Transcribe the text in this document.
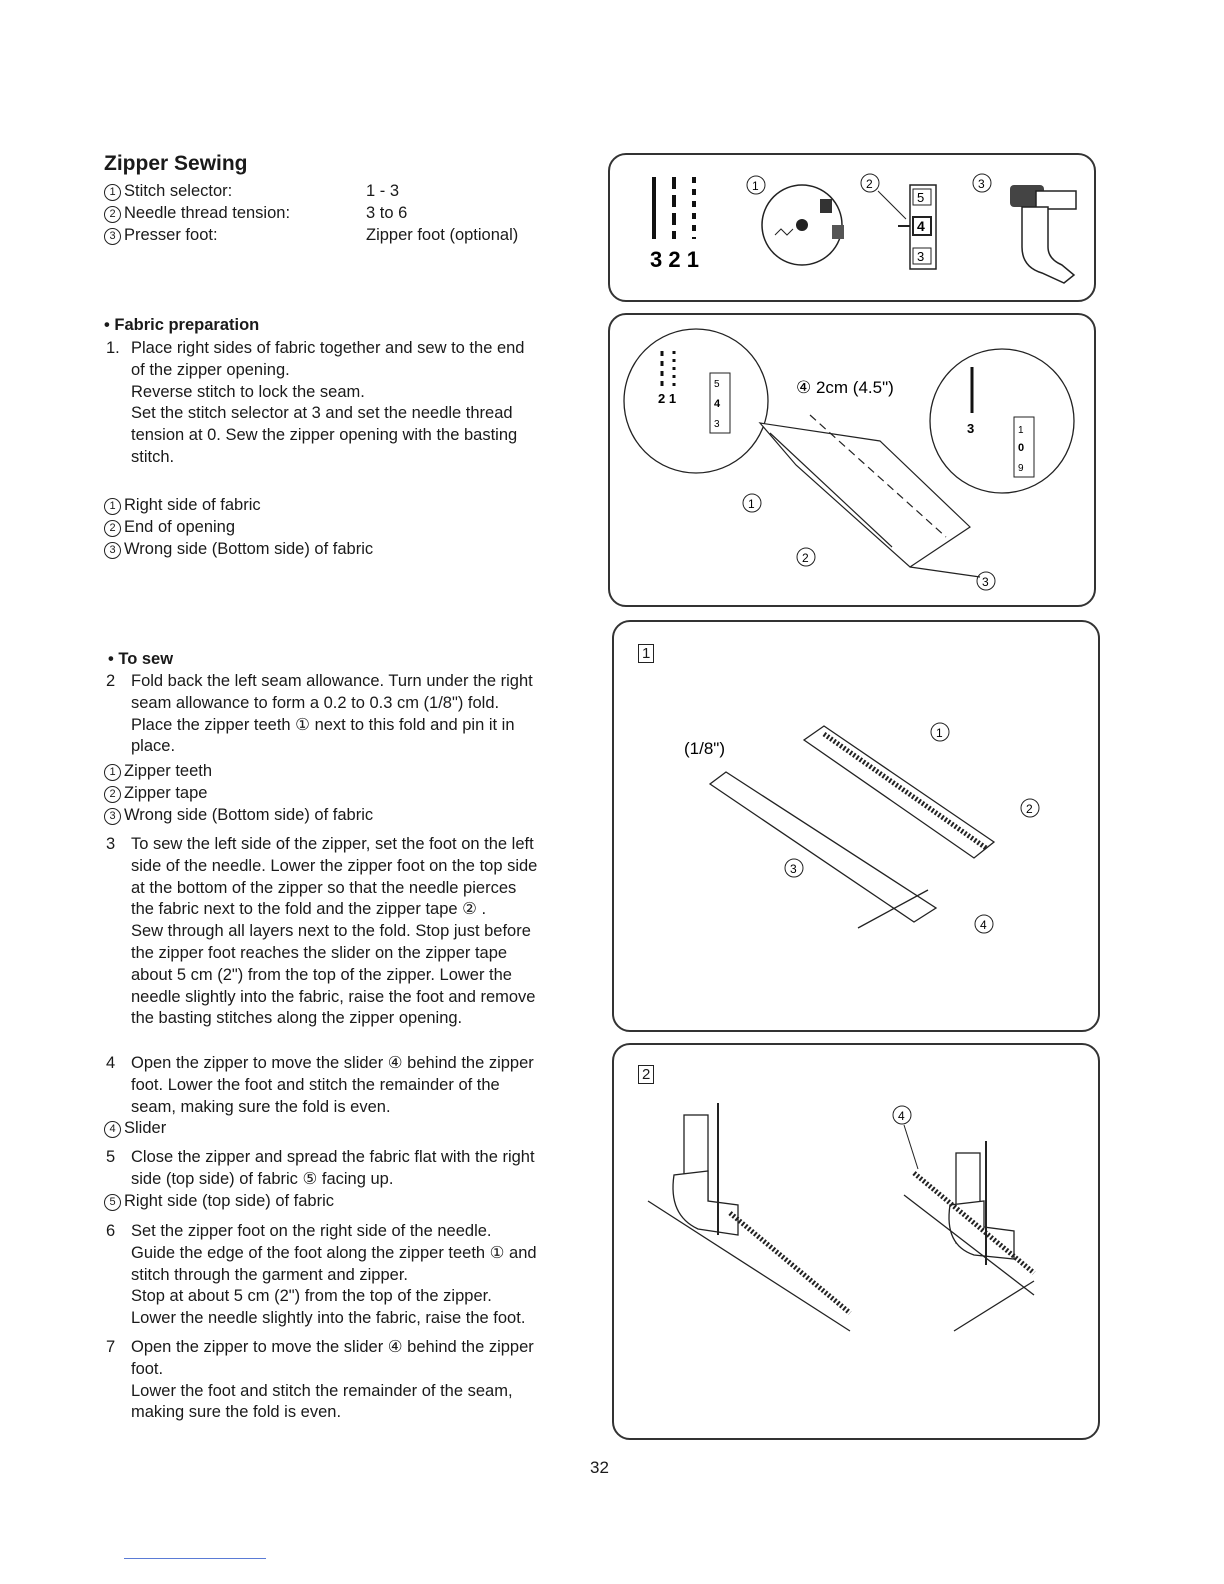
Zipper Sewing
1 Stitch selector:	1 - 3
2 Needle thread tension:	3 to 6
3 Presser foot:	Zipper foot (optional)
• Fabric preparation
1. Place right sides of fabric together and sew to the end
of the zipper opening.
Reverse stitch to lock the seam.
Set the stitch selector at 3 and set the needle thread
tension at 0. Sew the zipper opening with the basting
stitch.
1 Right side of fabric
2 End of opening
3 Wrong side (Bottom side) of fabric
• To sew
2 Fold back the left seam allowance. Turn under the right
seam allowance to form a 0.2 to 0.3 cm (1/8") fold.
Place the zipper teeth ① next to this fold and pin it in
place.
1 Zipper teeth
2 Zipper tape
3 Wrong side (Bottom side) of fabric
3 To sew the left side of the zipper, set the foot on the left
side of the needle. Lower the zipper foot on the top side
at the bottom of the zipper so that the needle pierces
the fabric next to the fold and the zipper tape ② .
Sew through all layers next to the fold. Stop just before
the zipper foot reaches the slider on the zipper tape
about 5 cm (2") from the top of the zipper. Lower the
needle slightly into the fabric, raise the foot and remove
the basting stitches along the zipper opening.
4 Open the zipper to move the slider ④ behind the zipper
foot. Lower the foot and stitch the remainder of the
seam, making sure the fold is even.
4 Slider
5 Close the zipper and spread the fabric flat with the right
side (top side) of fabric ⑤ facing up.
5 Right side (top side) of fabric
6 Set the zipper foot on the right side of the needle.
Guide the edge of the foot along the zipper teeth ① and
stitch through the garment and zipper.
Stop at about 5 cm (2") from the top of the zipper.
Lower the needle slightly into the fabric, raise the foot.
7 Open the zipper to move the slider ④ behind the zipper
foot.
Lower the foot and stitch the remainder of the seam,
making sure the fold is even.
3 2 1
1	2
5
4
3
3
2 1
5
4
3	3	1
0
9
④ 2cm (4.5")
1
2
3
1
(1/8")
1
2
3
4
2
4
32
